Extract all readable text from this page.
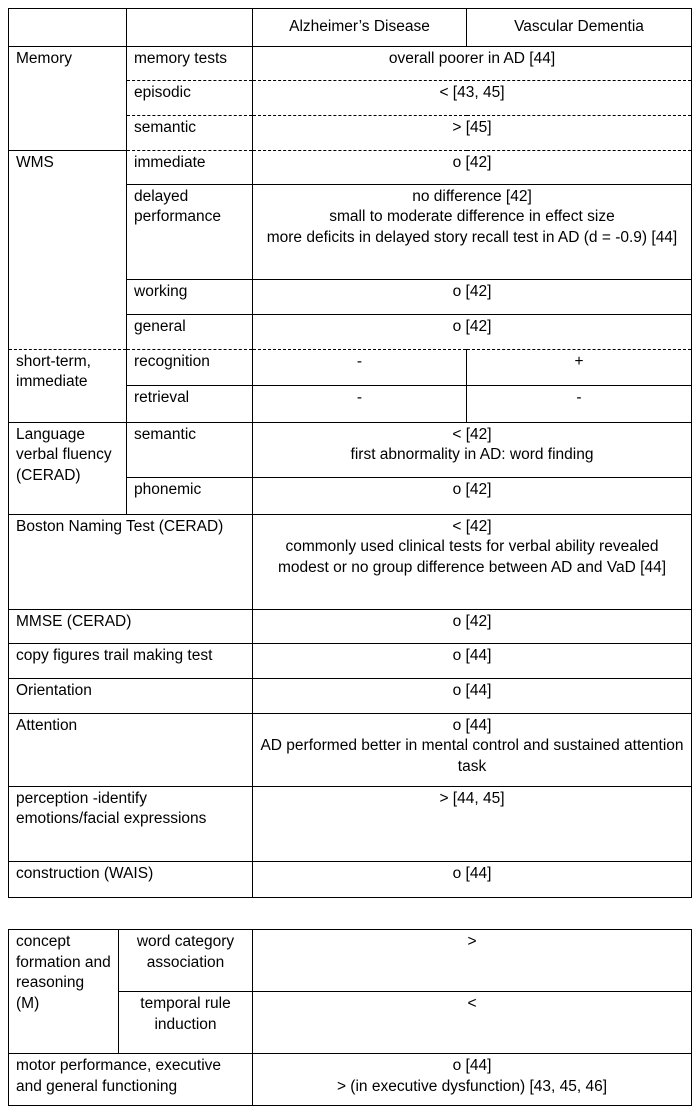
		Alzheimer’s Disease	Vascular Dementia
Memory	memory tests	overall poorer in AD [44]	
	episodic	< [43, 45]	
	semantic	> [45]	
WMS	immediate	o [42]	
	delayed performance	no difference [42]
small to moderate difference in effect size
more deficits in delayed story recall test in AD (d = -0.9) [44]	

	working	o [42]	
	general	o [42]	
short-term, immediate	recognition	-	+
	retrieval	-	-
Language verbal fluency (CERAD)	semantic	< [42]
first abnormality in AD: word finding	

	phonemic	o [42]	
Boston Naming Test (CERAD)		< [42]
commonly used clinical tests for verbal ability revealed modest or no group difference between AD and VaD [44]	

MMSE (CERAD)		o [42]	
copy figures trail making test		o [44]	
Orientation		o [44]	
Attention		o [44]
AD performed better in mental control and sustained attention task	

perception -identify emotions/facial expressions		> [44, 45]	
construction (WAIS)		o [44]	
concept formation and reasoning (M)	word category association	>
	temporal rule induction	<
motor performance, executive and general functioning		o [44]
> (in executive dysfunction) [43, 45, 46]
